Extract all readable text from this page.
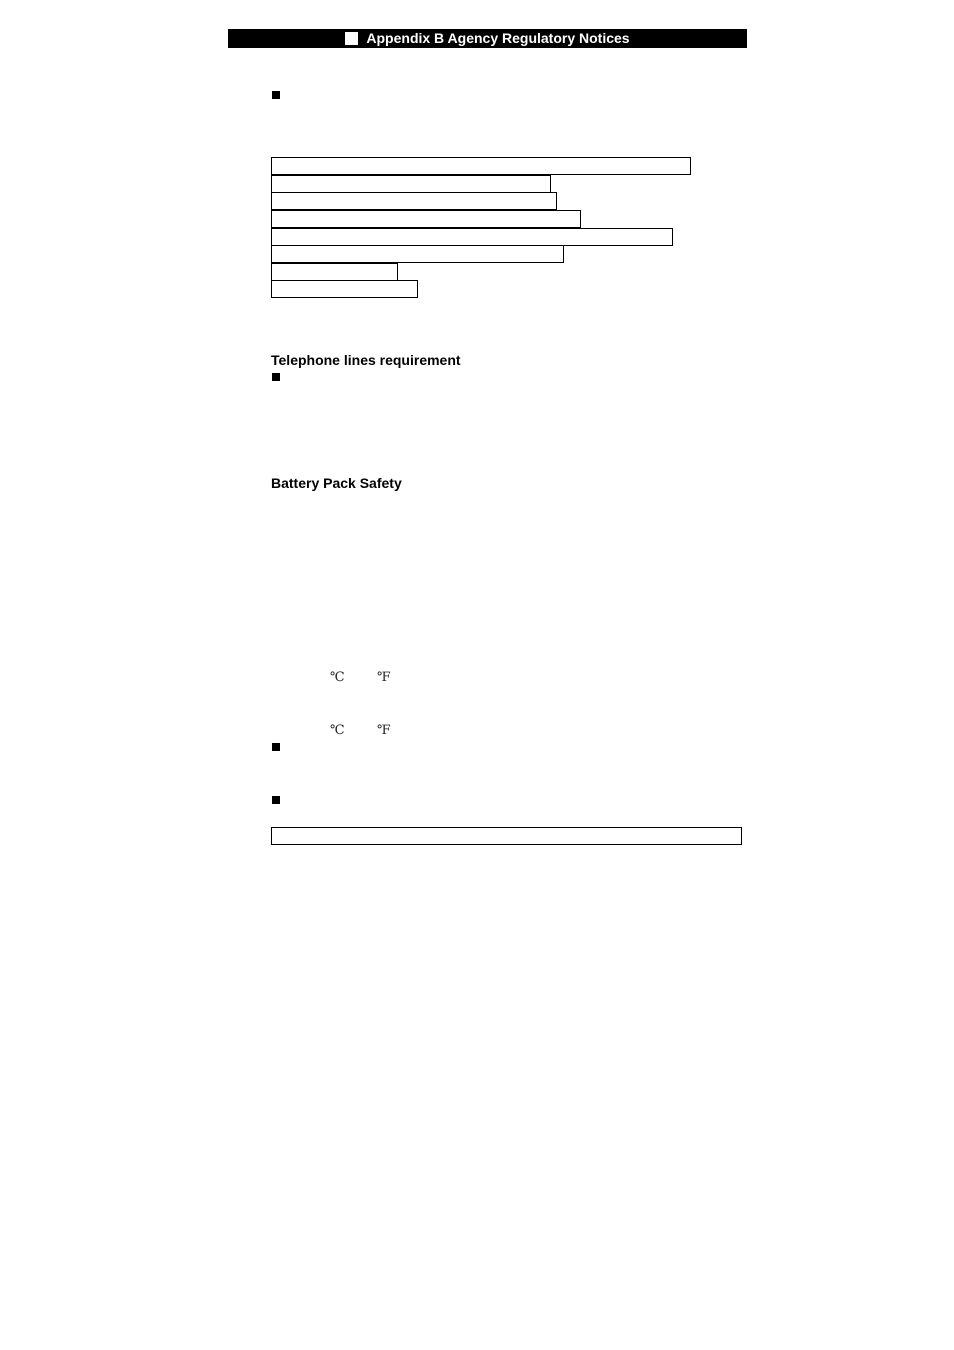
Appendix B Agency Regulatory Notices
Telephone lines requirement
Battery Pack Safety
℃ ℉
℃ ℉
